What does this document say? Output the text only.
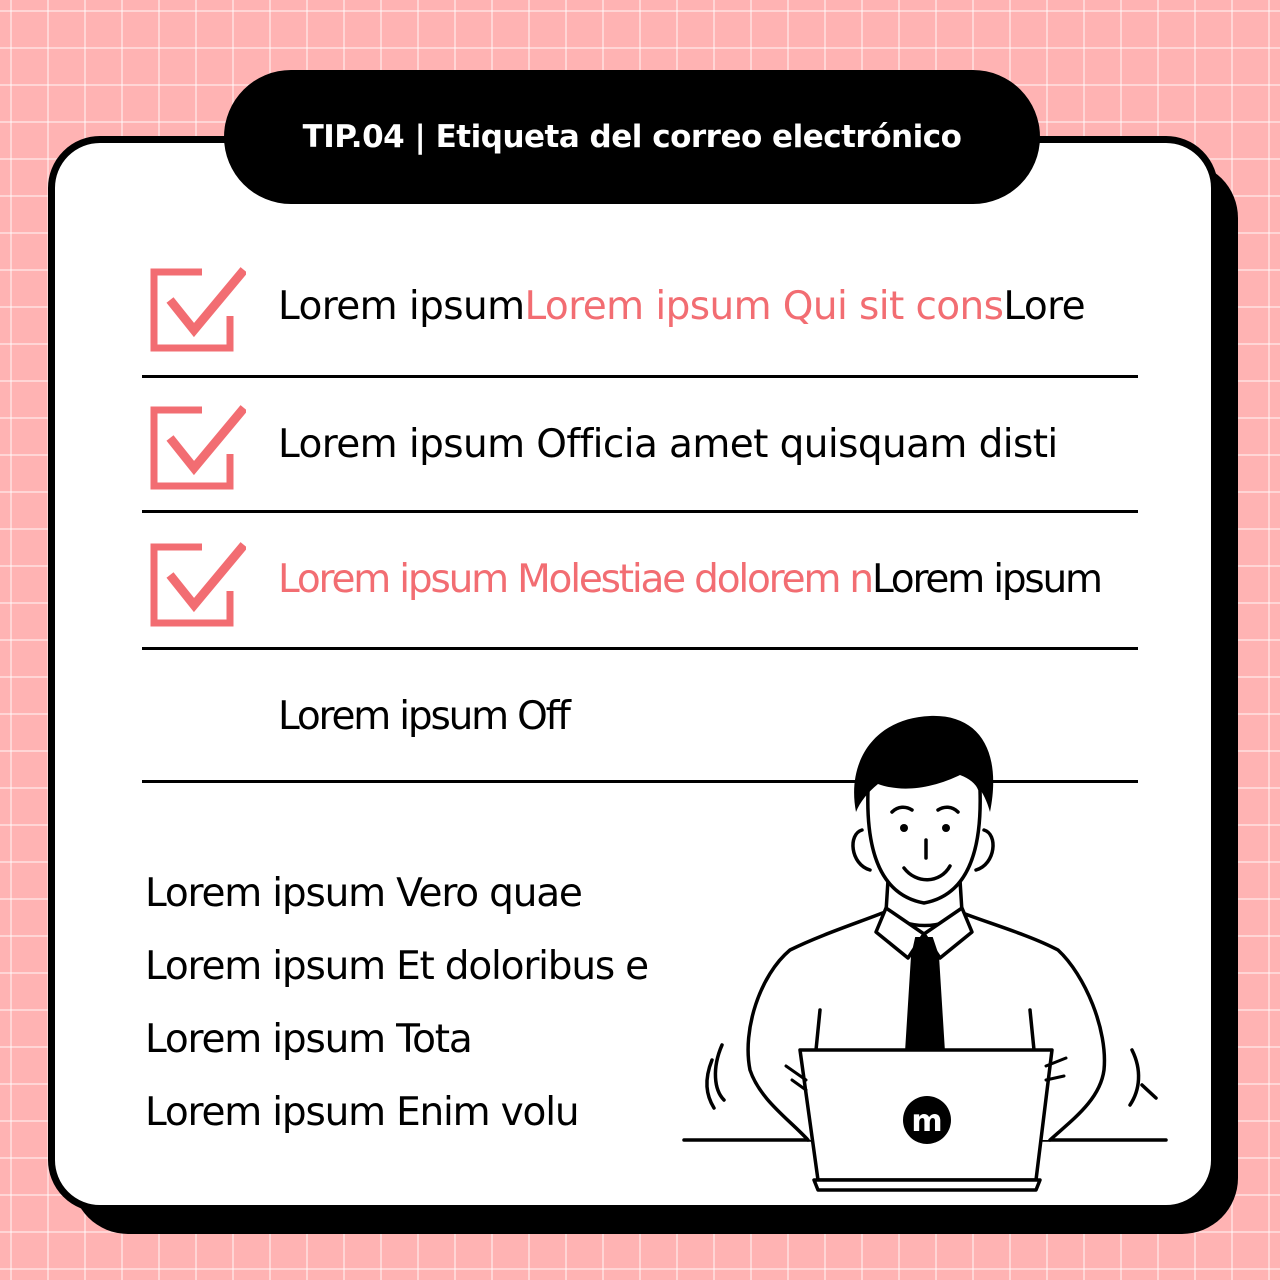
TIP.04 | Etiqueta del correo electrónico
Lorem ipsumLorem ipsum Qui sit consLore
Lorem ipsum Officia amet quisquam disti
Lorem ipsum Molestiae dolorem nLorem ipsum
Lorem ipsum Off
Lorem ipsum Vero quae
Lorem ipsum Et doloribus e
Lorem ipsum Tota
Lorem ipsum Enim volu	m
